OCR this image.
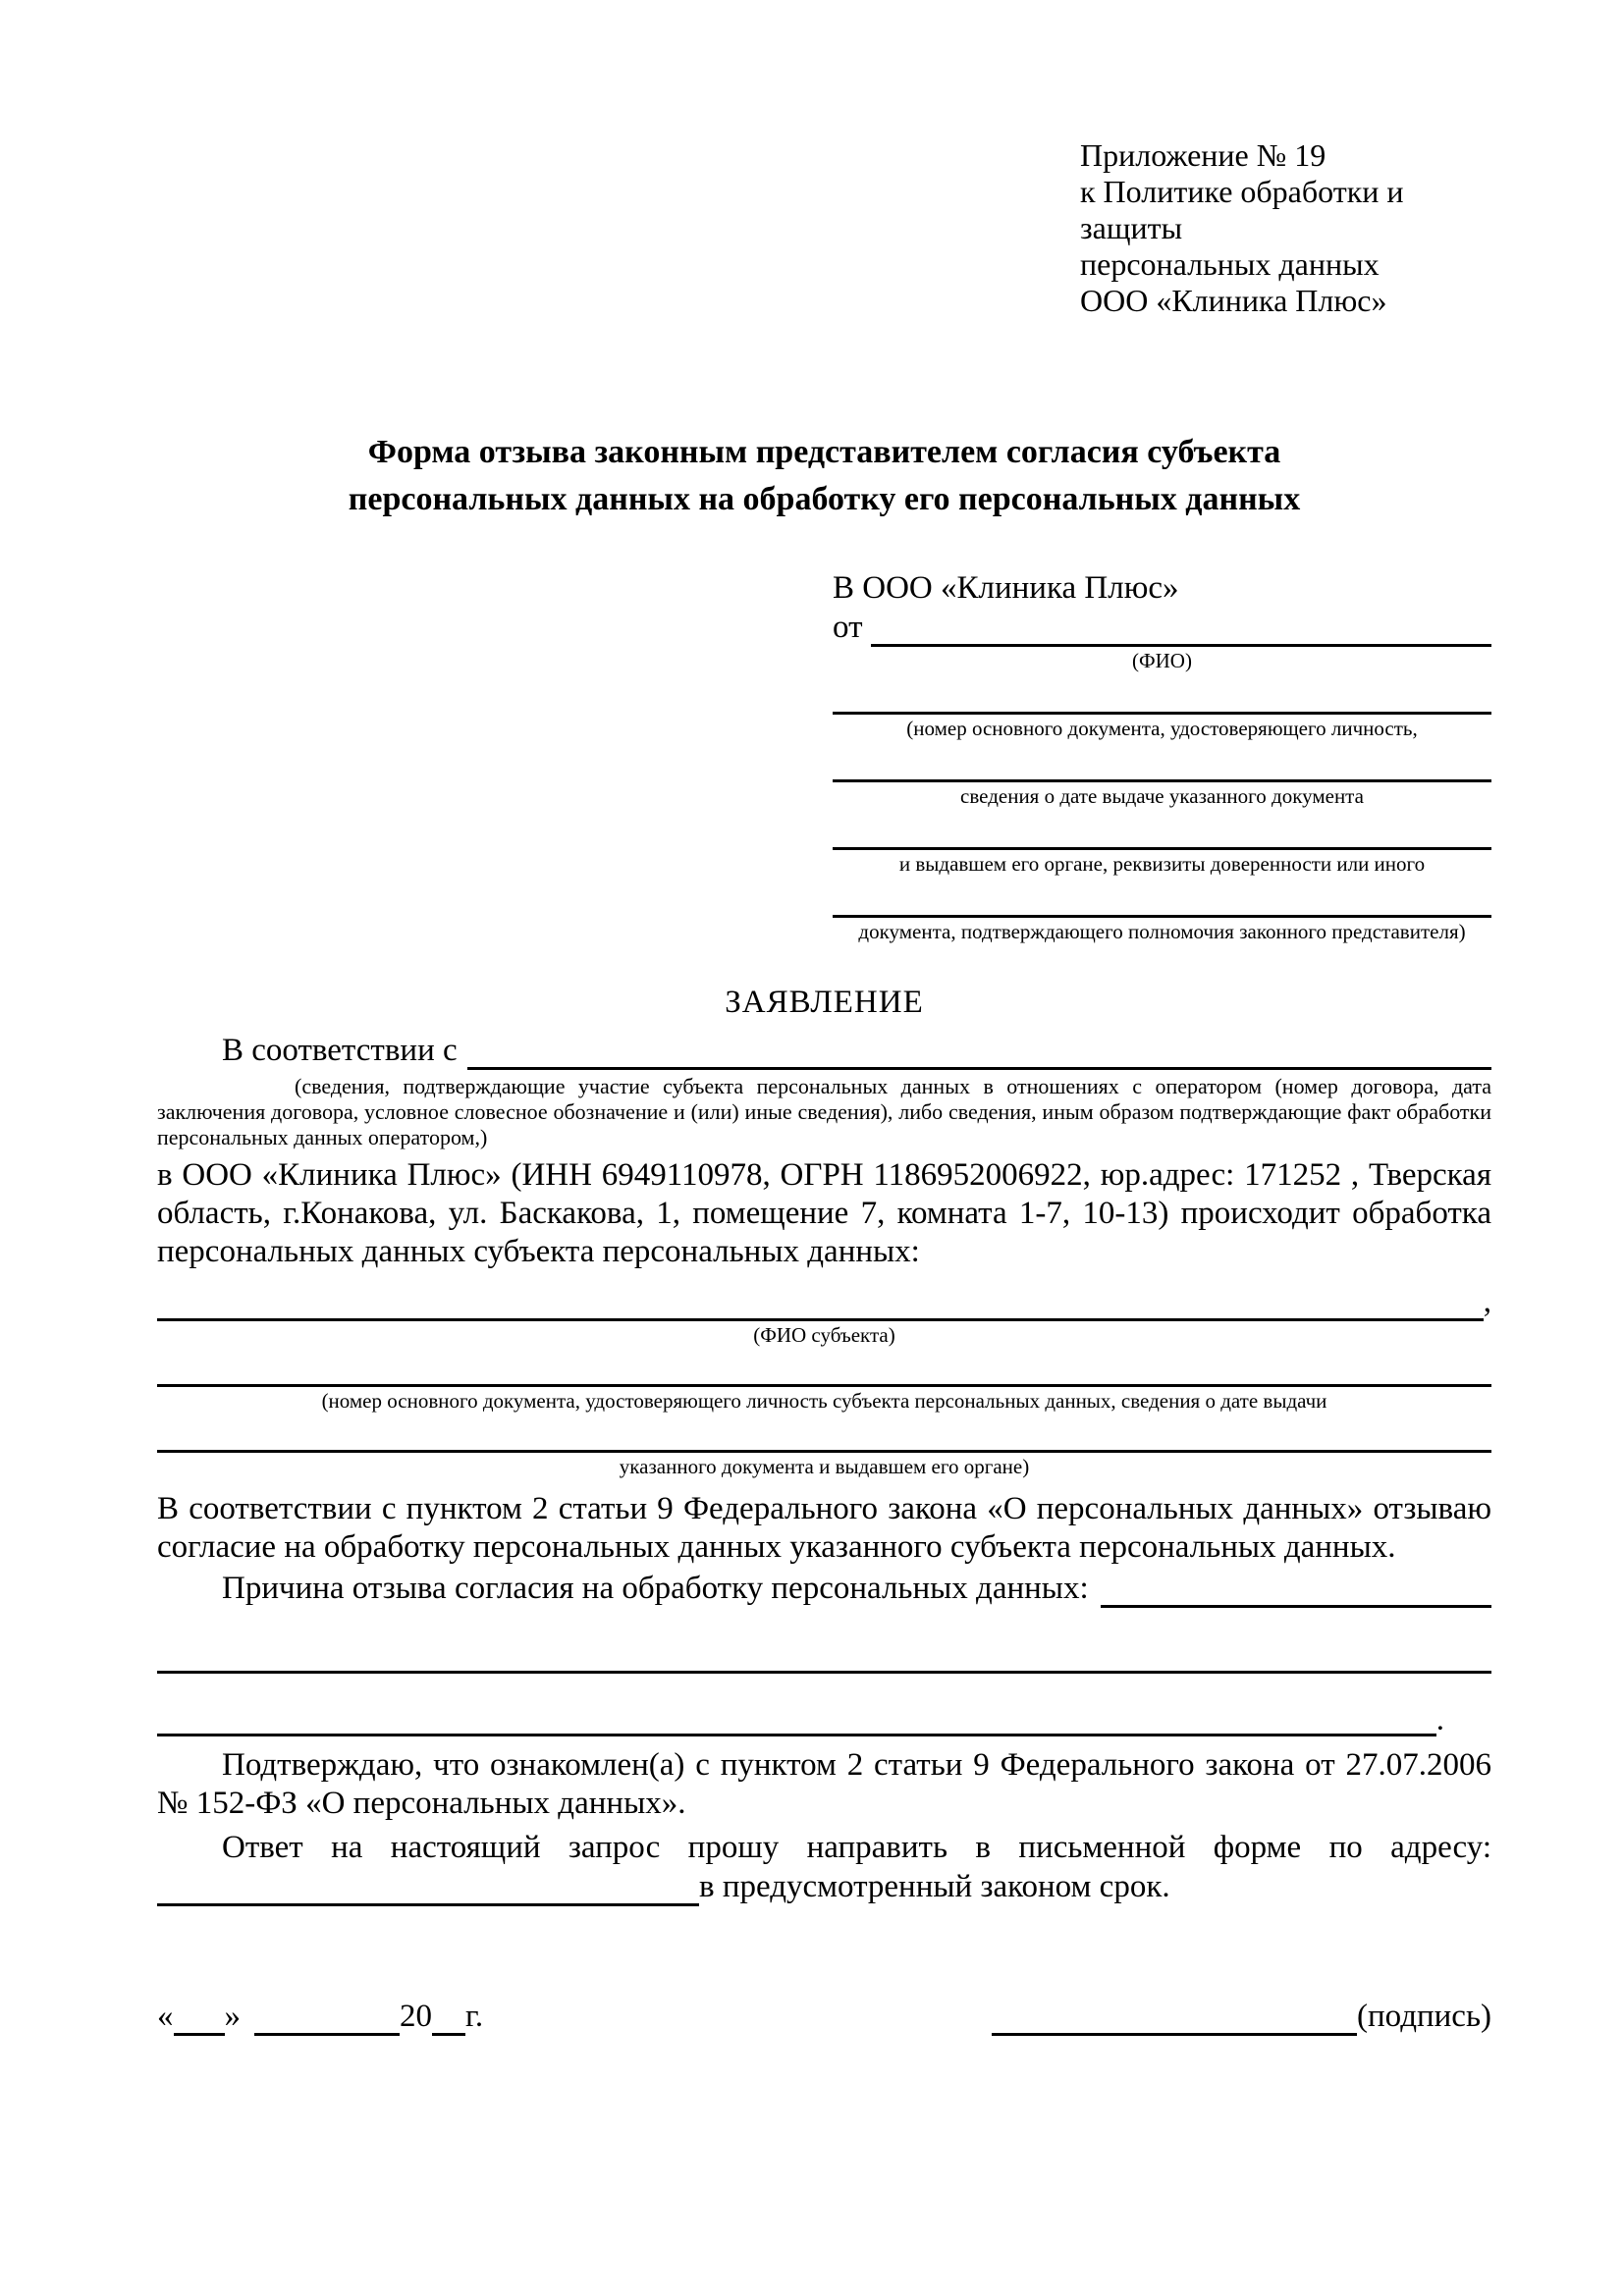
Приложение № 19
к Политике обработки и защиты
персональных данных
ООО «Клиника Плюс»
Форма отзыва законным представителем согласия субъекта персональных данных на обработку его персональных данных
В ООО «Клиника Плюс»
от
(ФИО)
(номер основного документа, удостоверяющего личность,
сведения о дате выдаче указанного документа
и выдавшем его органе, реквизиты доверенности или иного
документа, подтверждающего полномочия законного представителя)
ЗАЯВЛЕНИЕ
В соответствии с
(сведения, подтверждающие участие субъекта персональных данных в отношениях с оператором (номер договора, дата заключения договора, условное словесное обозначение и (или) иные сведения), либо сведения, иным образом подтверждающие факт обработки персональных данных оператором,)
в ООО «Клиника Плюс» (ИНН 6949110978, ОГРН 1186952006922, юр.адрес: 171252 , Тверская область, г.Конакова, ул. Баскакова, 1, помещение 7, комната 1-7, 10-13) происходит обработка персональных данных субъекта персональных данных:
,
(ФИО субъекта)
(номер основного документа, удостоверяющего личность субъекта персональных данных, сведения о дате выдачи
указанного документа и выдавшем его органе)
В соответствии с пунктом 2 статьи 9 Федерального закона «О персональных данных» отзываю согласие на обработку персональных данных указанного субъекта персональных данных.
Причина отзыва согласия на обработку персональных данных:
.
Подтверждаю, что ознакомлен(а) с пунктом 2 статьи 9 Федерального закона от 27.07.2006 № 152-ФЗ «О персональных данных».
Ответ на настоящий запрос прошу направить в письменной форме по адресу:
в предусмотренный законом срок.
« »	20 г.	(подпись)
